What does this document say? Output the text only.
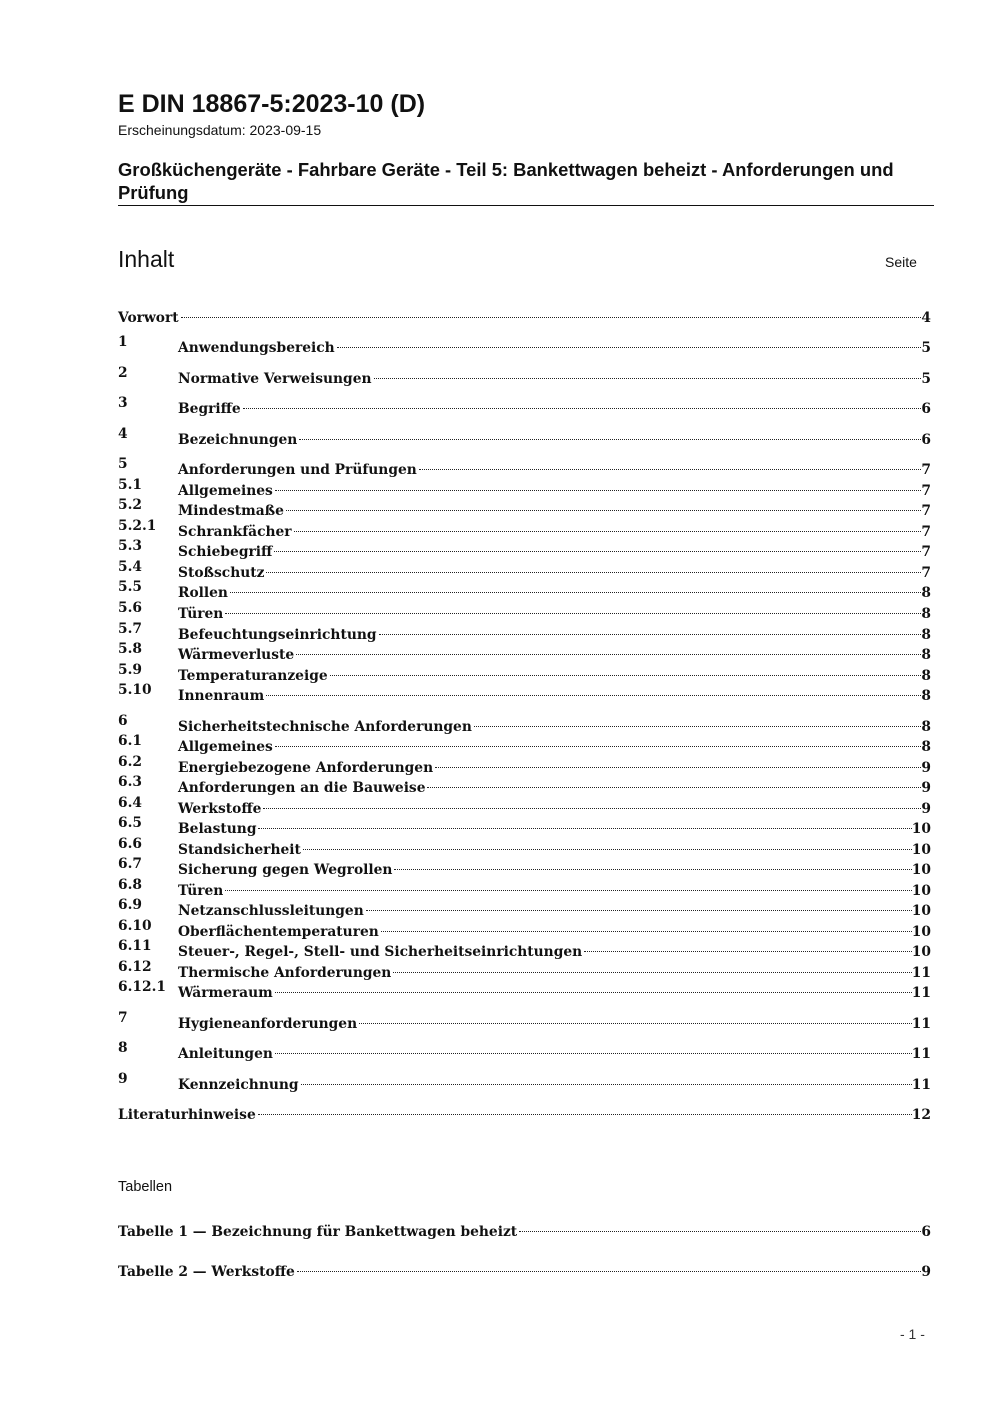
E DIN 18867-5:2023-10 (D)
Erscheinungsdatum: 2023-09-15
Großküchengeräte - Fahrbare Geräte - Teil 5: Bankettwagen beheizt - Anforderungen und Prüfung
Inhalt	Seite
Vorwort	4
1	Anwendungsbereich	5
2	Normative Verweisungen	5
3	Begriffe	6
4	Bezeichnungen	6
5	Anforderungen und Prüfungen	7
5.1	Allgemeines	7
5.2	Mindestmaße	7
5.2.1 Schrankfächer	7
5.3	Schiebegriff	7
5.4	Stoßschutz	7
5.5	Rollen	8
5.6	Türen	8
5.7	Befeuchtungseinrichtung	8
5.8	Wärmeverluste	8
5.9	Temperaturanzeige	8
5.10 Innenraum	8
6	Sicherheitstechnische Anforderungen	8
6.1	Allgemeines	8
6.2	Energiebezogene Anforderungen	9
6.3	Anforderungen an die Bauweise	9
6.4	Werkstoffe	9
6.5	Belastung	10
6.6	Standsicherheit	10
6.7	Sicherung gegen Wegrollen	10
6.8	Türen	10
6.9	Netzanschlussleitungen	10
6.10 Oberflächentemperaturen	10
6.11 Steuer-, Regel-, Stell- und Sicherheitseinrichtungen	10
6.12 Thermische Anforderungen	11
6.12.1 Wärmeraum	11
7	Hygieneanforderungen	11
8	Anleitungen	11
9	Kennzeichnung	11
Literaturhinweise	12
Tabellen
Tabelle 1 — Bezeichnung für Bankettwagen beheizt	6
Tabelle 2 — Werkstoffe	9
- 1 -
